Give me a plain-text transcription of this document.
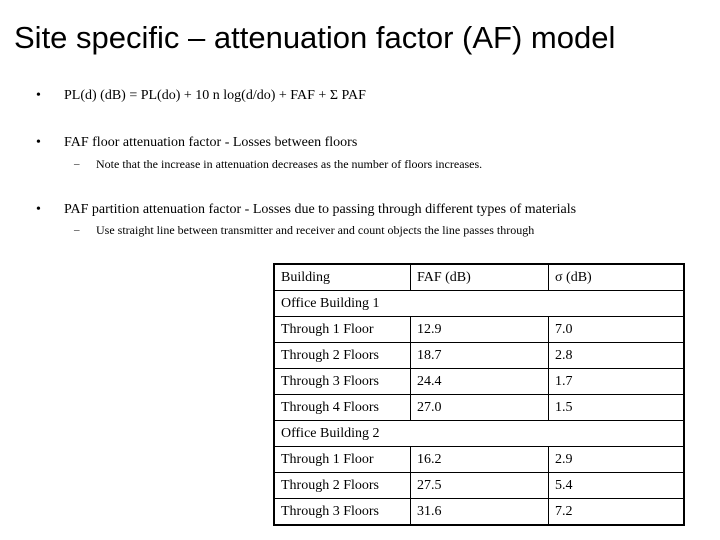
Site specific – attenuation factor (AF) model
• PL(d) (dB) = PL(do) + 10 n log(d/do) + FAF + Σ PAF
• FAF floor attenuation factor - Losses between floors
– Note that the increase in attenuation decreases as the number of floors increases.
• PAF partition attenuation factor - Losses due to passing through different types of materials
– Use straight line between transmitter and receiver and count objects the line passes through
Building	FAF (dB)	σ (dB)
Office Building 1		
Through 1 Floor	12.9	7.0
Through 2 Floors	18.7	2.8
Through 3 Floors	24.4	1.7
Through 4 Floors	27.0	1.5
Office Building 2		
Through 1 Floor	16.2	2.9
Through 2 Floors	27.5	5.4
Through 3 Floors	31.6	7.2
